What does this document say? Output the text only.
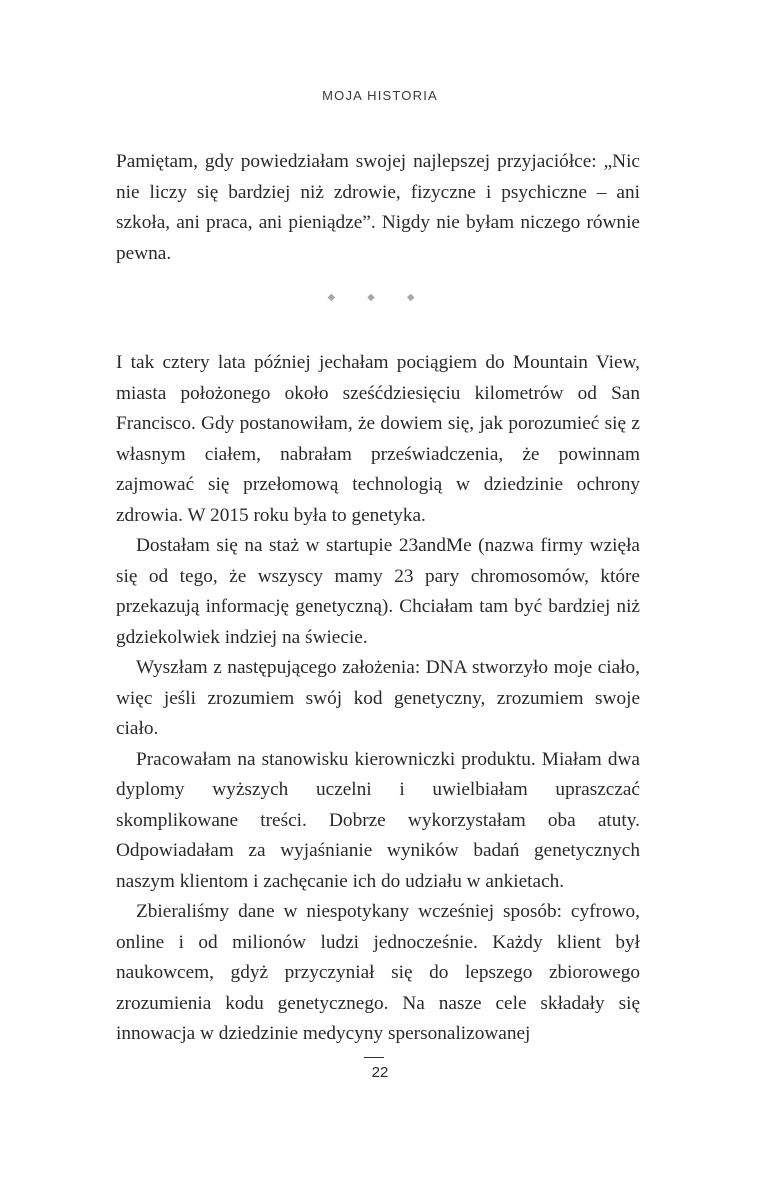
MOJA HISTORIA

Pamiętam, gdy powiedziałam swojej najlepszej przyjaciółce: „Nic nie liczy się bardziej niż zdrowie, fizyczne i psychiczne – ani szkoła, ani praca, ani pieniądze”. Nigdy nie byłam niczego równie pewna.

◆ ◆ ◆

I tak cztery lata później jechałam pociągiem do Mountain View, miasta położonego około sześćdziesięciu kilometrów od San Francisco. Gdy postanowiłam, że dowiem się, jak porozumieć się z własnym ciałem, nabrałam przeświadczenia, że powinnam zajmować się przełomową technologią w dziedzinie ochrony zdrowia. W 2015 roku była to genetyka.

Dostałam się na staż w startupie 23andMe (nazwa firmy wzięła się od tego, że wszyscy mamy 23 pary chromosomów, które przekazują informację genetyczną). Chciałam tam być bardziej niż gdziekolwiek indziej na świecie.

Wyszłam z następującego założenia: DNA stworzyło moje ciało, więc jeśli zrozumiem swój kod genetyczny, zrozumiem swoje ciało.

Pracowałam na stanowisku kierowniczki produktu. Miałam dwa dyplomy wyższych uczelni i uwielbiałam upraszczać skomplikowane treści. Dobrze wykorzystałam oba atuty. Odpowiadałam za wyjaśnianie wyników badań genetycznych naszym klientom i zachęcanie ich do udziału w ankietach.

Zbieraliśmy dane w niespotykany wcześniej sposób: cyfrowo, online i od milionów ludzi jednocześnie. Każdy klient był naukowcem, gdyż przyczyniał się do lepszego zbiorowego zrozumienia kodu genetycznego. Na nasze cele składały się innowacja w dziedzinie medycyny spersonalizowanej

22
